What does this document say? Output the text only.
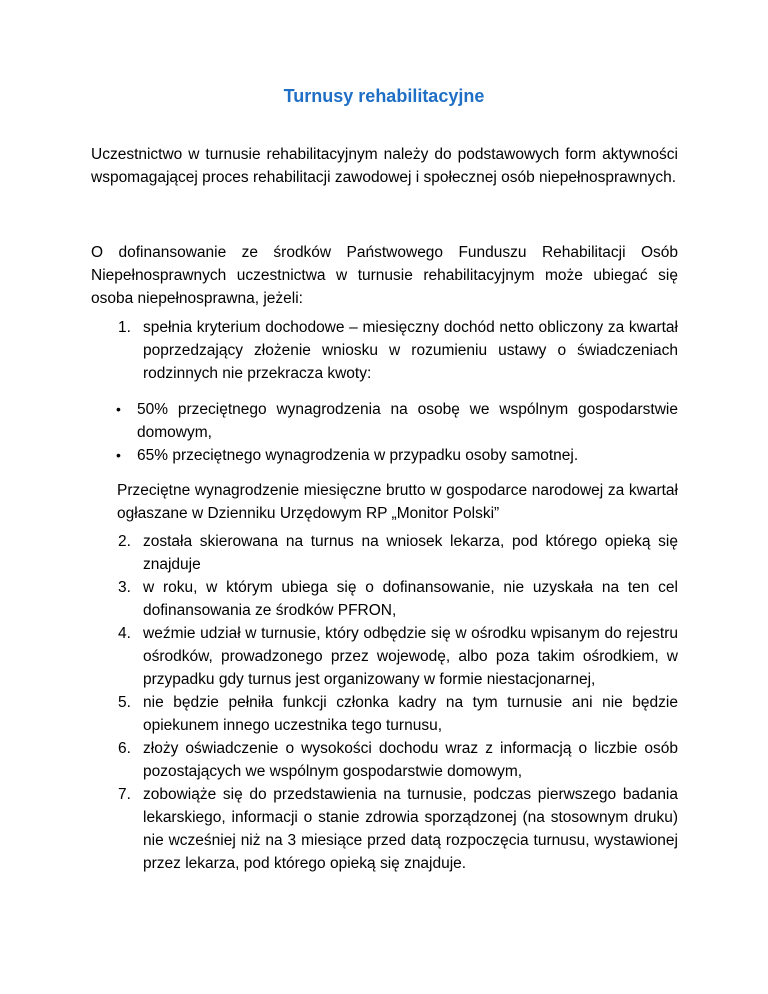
Turnusy rehabilitacyjne

Uczestnictwo w turnusie rehabilitacyjnym należy do podstawowych form aktywności wspomagającej proces rehabilitacji zawodowej i społecznej osób niepełnosprawnych.

O dofinansowanie ze środków Państwowego Funduszu Rehabilitacji Osób Niepełnosprawnych uczestnictwa w turnusie rehabilitacyjnym może ubiegać się osoba niepełnosprawna, jeżeli:

1. spełnia kryterium dochodowe – miesięczny dochód netto obliczony za kwartał poprzedzający złożenie wniosku w rozumieniu ustawy o świadczeniach rodzinnych nie przekracza kwoty:
• 50% przeciętnego wynagrodzenia na osobę we wspólnym gospodarstwie domowym,
• 65% przeciętnego wynagrodzenia w przypadku osoby samotnej.

Przeciętne wynagrodzenie miesięczne brutto w gospodarce narodowej za kwartał ogłaszane w Dzienniku Urzędowym RP „Monitor Polski”

2. została skierowana na turnus na wniosek lekarza, pod którego opieką się znajduje
3. w roku, w którym ubiega się o dofinansowanie, nie uzyskała na ten cel dofinansowania ze środków PFRON,
4. weźmie udział w turnusie, który odbędzie się w ośrodku wpisanym do rejestru ośrodków, prowadzonego przez wojewodę, albo poza takim ośrodkiem, w przypadku gdy turnus jest organizowany w formie niestacjonarnej,
5. nie będzie pełniła funkcji członka kadry na tym turnusie ani nie będzie opiekunem innego uczestnika tego turnusu,
6. złoży oświadczenie o wysokości dochodu wraz z informacją o liczbie osób pozostających we wspólnym gospodarstwie domowym,
7. zobowiąże się do przedstawienia na turnusie, podczas pierwszego badania lekarskiego, informacji o stanie zdrowia sporządzonej (na stosownym druku) nie wcześniej niż na 3 miesiące przed datą rozpoczęcia turnusu, wystawionej przez lekarza, pod którego opieką się znajduje.
